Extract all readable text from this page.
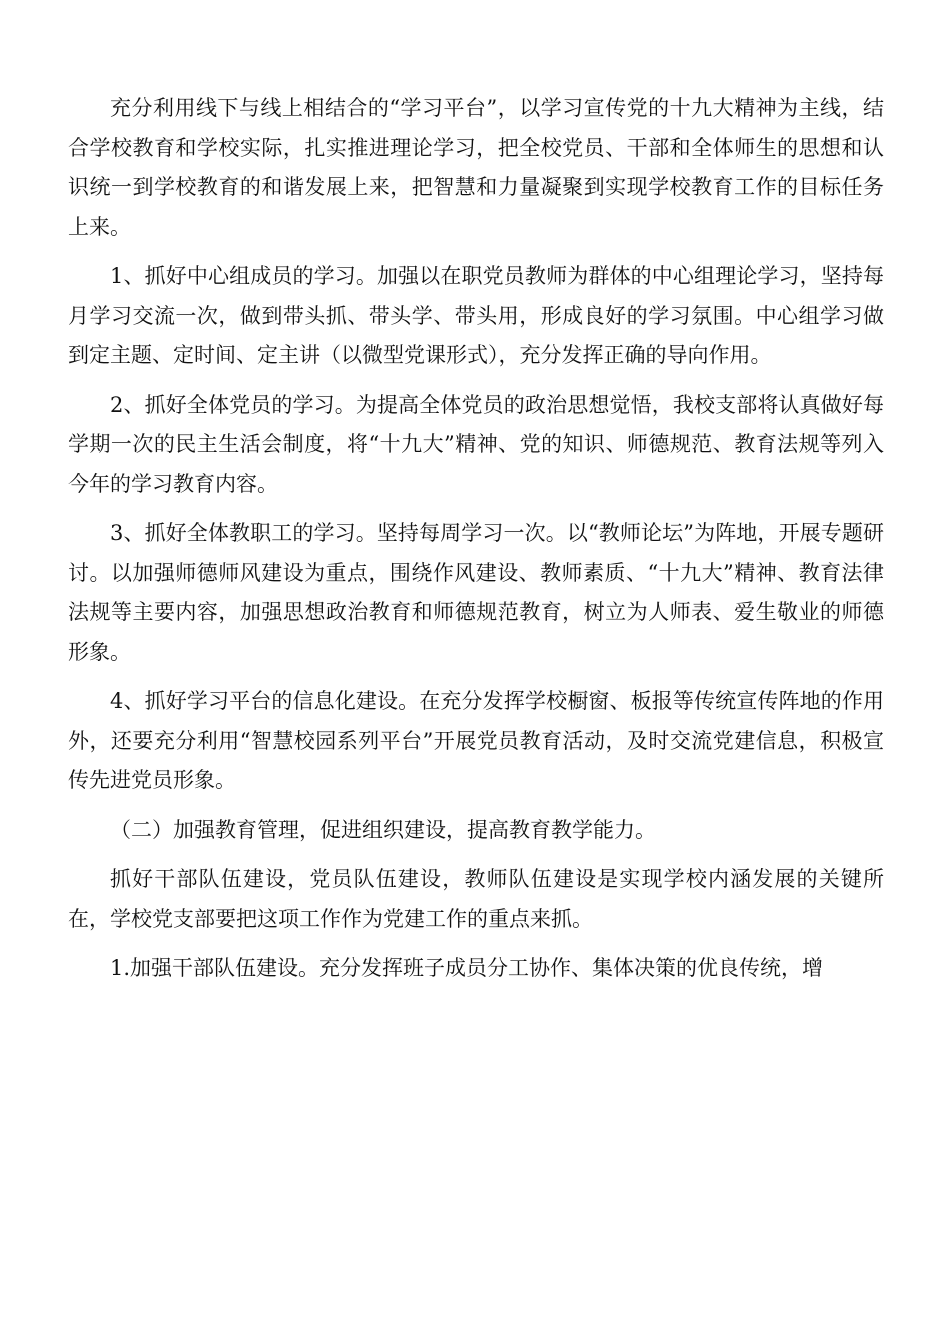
充分利用线下与线上相结合的“学习平台”，以学习宣传党的十九大精神为主线，结合学校教育和学校实际，扎实推进理论学习，把全校党员、干部和全体师生的思想和认识统一到学校教育的和谐发展上来，把智慧和力量凝聚到实现学校教育工作的目标任务上来。

1、抓好中心组成员的学习。加强以在职党员教师为群体的中心组理论学习，坚持每月学习交流一次，做到带头抓、带头学、带头用，形成良好的学习氛围。中心组学习做到定主题、定时间、定主讲（以微型党课形式），充分发挥正确的导向作用。

2、抓好全体党员的学习。为提高全体党员的政治思想觉悟，我校支部将认真做好每学期一次的民主生活会制度，将“十九大”精神、党的知识、师德规范、教育法规等列入今年的学习教育内容。

3、抓好全体教职工的学习。坚持每周学习一次。以“教师论坛”为阵地，开展专题研讨。以加强师德师风建设为重点，围绕作风建设、教师素质、“十九大”精神、教育法律法规等主要内容，加强思想政治教育和师德规范教育，树立为人师表、爱生敬业的师德形象。

4、抓好学习平台的信息化建设。在充分发挥学校橱窗、板报等传统宣传阵地的作用外，还要充分利用“智慧校园系列平台”开展党员教育活动，及时交流党建信息，积极宣传先进党员形象。

（二）加强教育管理，促进组织建设，提高教育教学能力。

抓好干部队伍建设，党员队伍建设，教师队伍建设是实现学校内涵发展的关键所在，学校党支部要把这项工作作为党建工作的重点来抓。

1.加强干部队伍建设。充分发挥班子成员分工协作、集体决策的优良传统，增
